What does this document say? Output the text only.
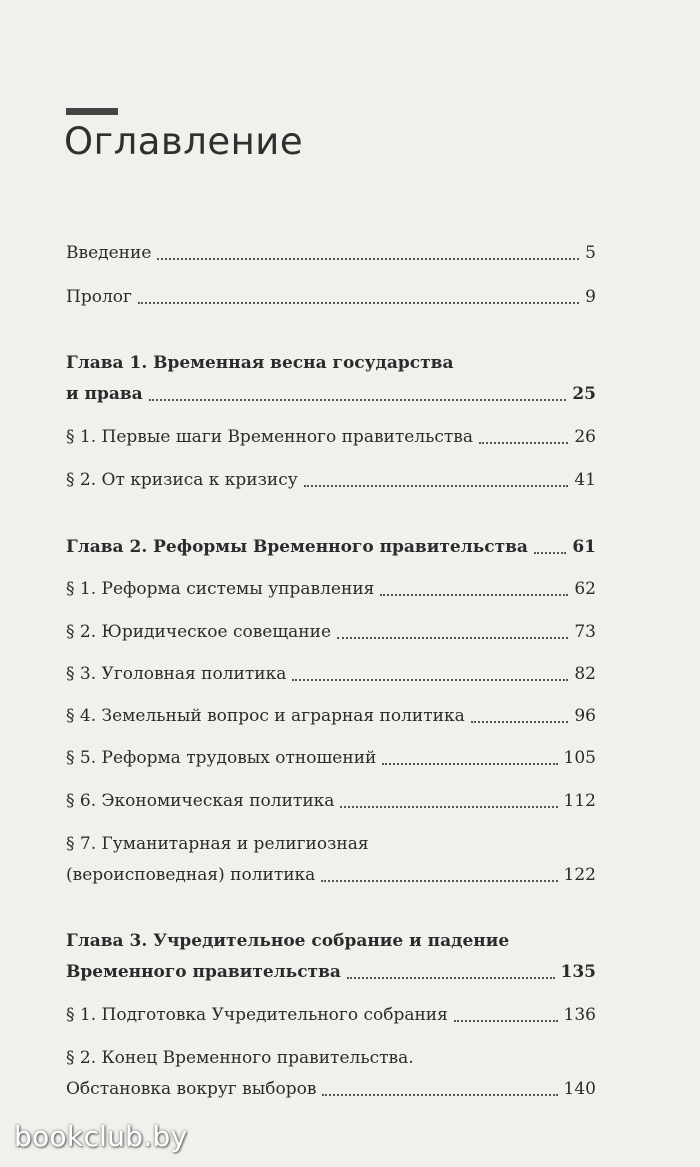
Оглавление
Введение	5
Пролог	9
Глава 1. Временная весна государства
и права	25
§ 1. Первые шаги Временного правительства	26
§ 2. От кризиса к кризису	41
Глава 2. Реформы Временного правительства	61
§ 1. Реформа системы управления	62
§ 2. Юридическое совещание	73
§ 3. Уголовная политика	82
§ 4. Земельный вопрос и аграрная политика	96
§ 5. Реформа трудовых отношений	105
§ 6. Экономическая политика	112
§ 7. Гуманитарная и религиозная
(вероисповедная) политика	122
Глава 3. Учредительное собрание и падение
Временного правительства	135
§ 1. Подготовка Учредительного собрания	136
§ 2. Конец Временного правительства.
Обстановка вокруг выборов	140
bookclub.by
